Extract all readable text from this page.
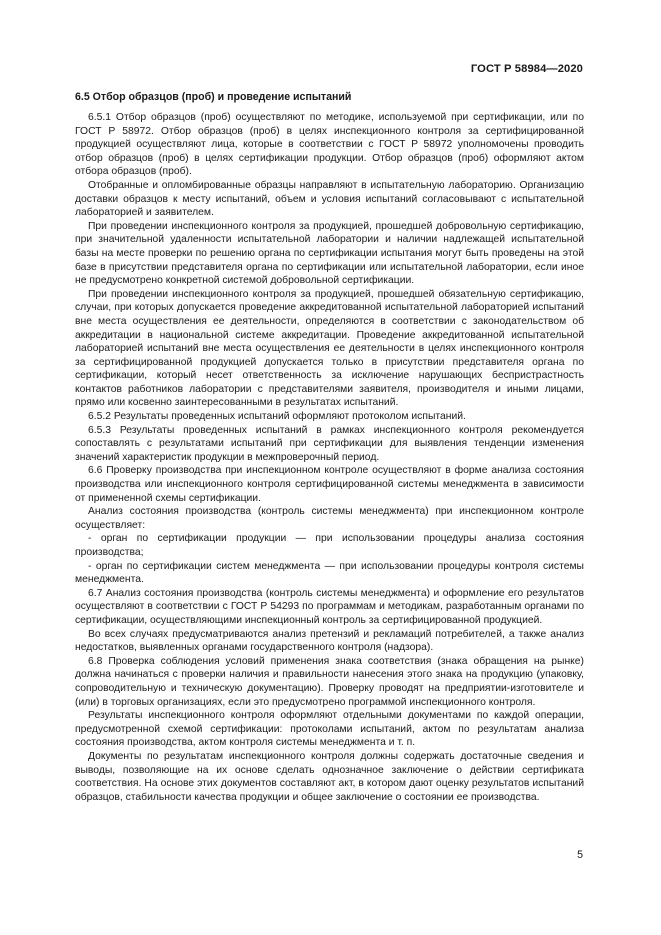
ГОСТ Р 58984—2020

6.5 Отбор образцов (проб) и проведение испытаний

6.5.1 Отбор образцов (проб) осуществляют по методике, используемой при сертификации, или по ГОСТ Р 58972. Отбор образцов (проб) в целях инспекционного контроля за сертифицированной продукцией осуществляют лица, которые в соответствии с ГОСТ Р 58972 уполномочены проводить отбор образцов (проб) в целях сертификации продукции. Отбор образцов (проб) оформляют актом отбора образцов (проб).

Отобранные и опломбированные образцы направляют в испытательную лабораторию. Организацию доставки образцов к месту испытаний, объем и условия испытаний согласовывают с испытательной лабораторией и заявителем.

При проведении инспекционного контроля за продукцией, прошедшей добровольную сертификацию, при значительной удаленности испытательной лаборатории и наличии надлежащей испытательной базы на месте проверки по решению органа по сертификации испытания могут быть проведены на этой базе в присутствии представителя органа по сертификации или испытательной лаборатории, если иное не предусмотрено конкретной системой добровольной сертификации.

При проведении инспекционного контроля за продукцией, прошедшей обязательную сертификацию, случаи, при которых допускается проведение аккредитованной испытательной лабораторией испытаний вне места осуществления ее деятельности, определяются в соответствии с законодательством об аккредитации в национальной системе аккредитации. Проведение аккредитованной испытательной лабораторией испытаний вне места осуществления ее деятельности в целях инспекционного контроля за сертифицированной продукцией допускается только в присутствии представителя органа по сертификации, который несет ответственность за исключение нарушающих беспристрастность контактов работников лаборатории с представителями заявителя, производителя и иными лицами, прямо или косвенно заинтересованными в результатах испытаний.

6.5.2 Результаты проведенных испытаний оформляют протоколом испытаний.

6.5.3 Результаты проведенных испытаний в рамках инспекционного контроля рекомендуется сопоставлять с результатами испытаний при сертификации для выявления тенденции изменения значений характеристик продукции в межпроверочный период.

6.6 Проверку производства при инспекционном контроле осуществляют в форме анализа состояния производства или инспекционного контроля сертифицированной системы менеджмента в зависимости от примененной схемы сертификации.

Анализ состояния производства (контроль системы менеджмента) при инспекционном контроле осуществляет:

- орган по сертификации продукции — при использовании процедуры анализа состояния производства;

- орган по сертификации систем менеджмента — при использовании процедуры контроля системы менеджмента.

6.7 Анализ состояния производства (контроль системы менеджмента) и оформление его результатов осуществляют в соответствии с ГОСТ Р 54293 по программам и методикам, разработанным органами по сертификации, осуществляющими инспекционный контроль за сертифицированной продукцией.

Во всех случаях предусматриваются анализ претензий и рекламаций потребителей, а также анализ недостатков, выявленных органами государственного контроля (надзора).

6.8 Проверка соблюдения условий применения знака соответствия (знака обращения на рынке) должна начинаться с проверки наличия и правильности нанесения этого знака на продукцию (упаковку, сопроводительную и техническую документацию). Проверку проводят на предприятии-изготовителе и (или) в торговых организациях, если это предусмотрено программой инспекционного контроля.

Результаты инспекционного контроля оформляют отдельными документами по каждой операции, предусмотренной схемой сертификации: протоколами испытаний, актом по результатам анализа состояния производства, актом контроля системы менеджмента и т. п.

Документы по результатам инспекционного контроля должны содержать достаточные сведения и выводы, позволяющие на их основе сделать однозначное заключение о действии сертификата соответствия. На основе этих документов составляют акт, в котором дают оценку результатов испытаний образцов, стабильности качества продукции и общее заключение о состоянии ее производства.

5
